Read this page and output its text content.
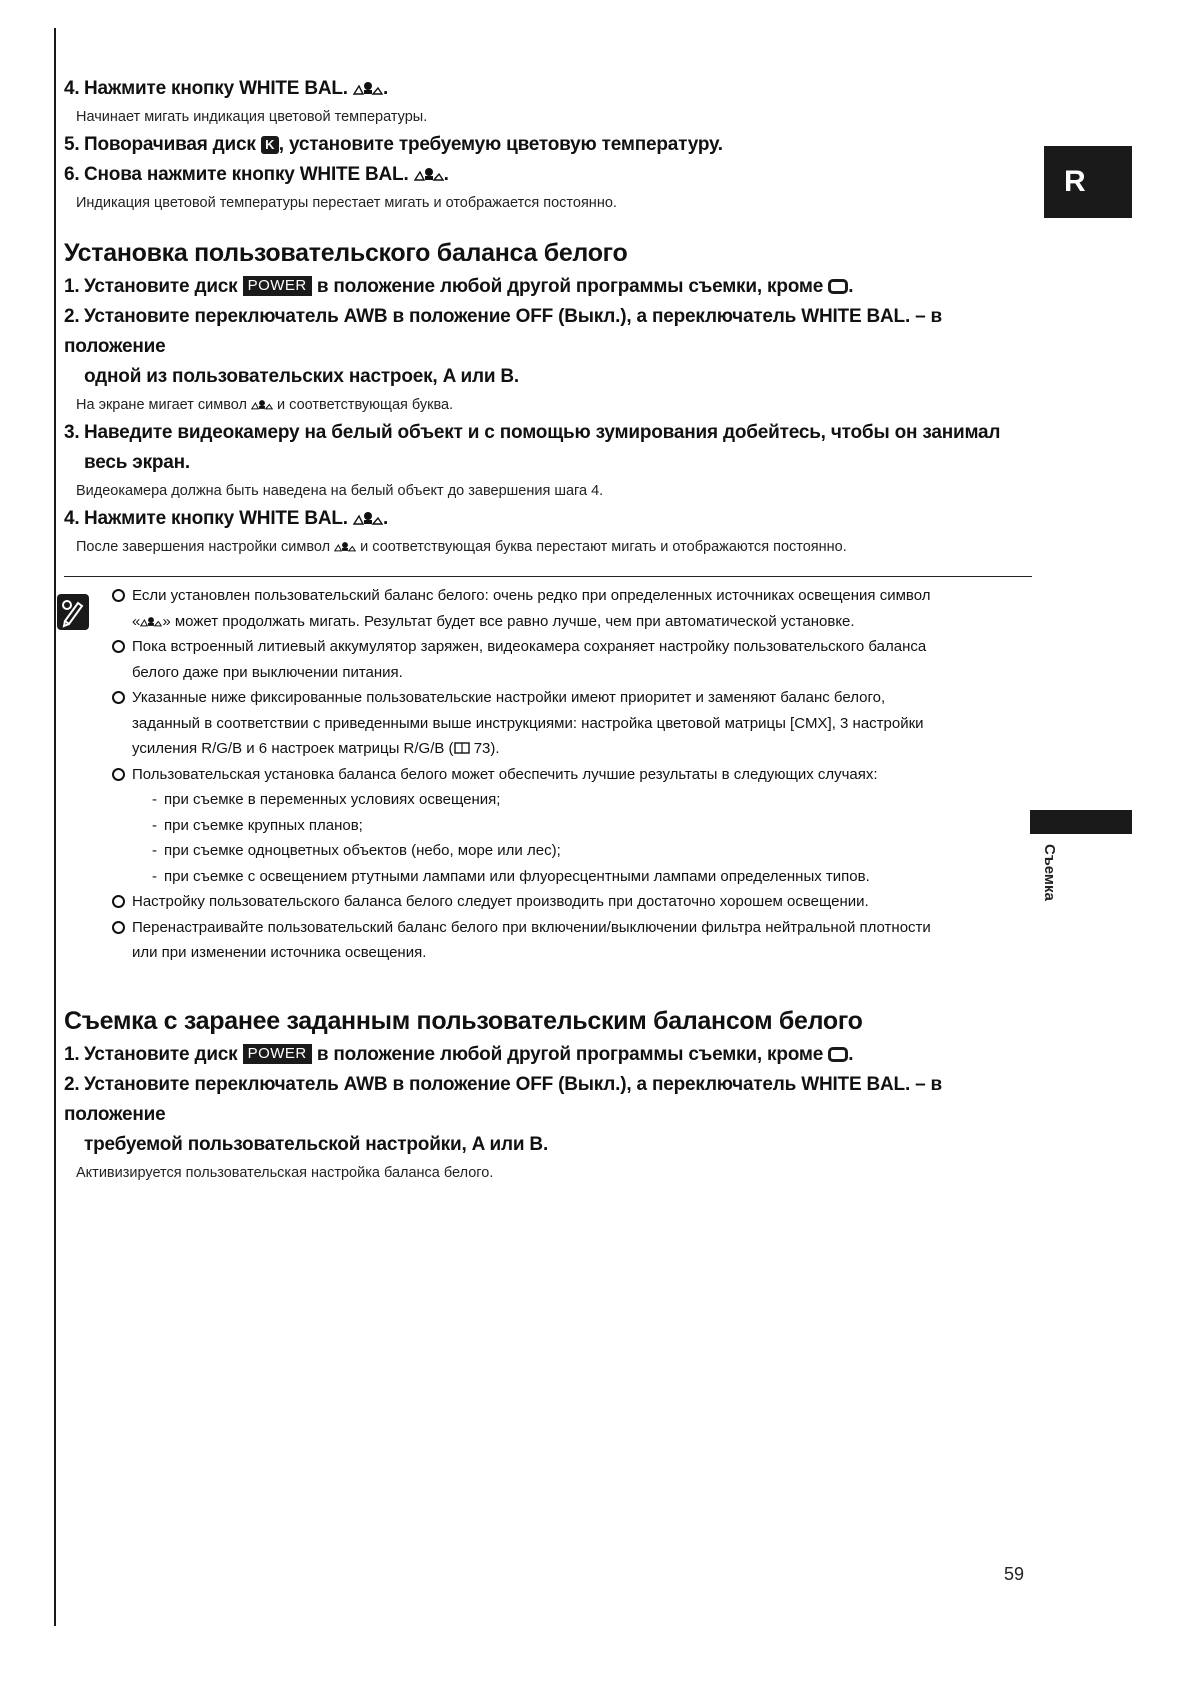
R
Съемка
4. Нажмите кнопку WHITE BAL. .
Начинает мигать индикация цветовой температуры.
5. Поворачивая диск K , установите требуемую цветовую температуру.
6. Снова нажмите кнопку WHITE BAL. .
Индикация цветовой температуры перестает мигать и отображается постоянно.
Установка пользовательского баланса белого
1. Установите диск POWER в положение любой другой программы съемки, кроме .
2. Установите переключатель AWB в положение OFF (Выкл.), а переключатель WHITE BAL. – в положение
одной из пользовательских настроек, A или B.
На экране мигает символ и соответствующая буква.
3. Наведите видеокамеру на белый объект и с помощью зумирования добейтесь, чтобы он занимал
весь экран.
Видеокамера должна быть наведена на белый объект до завершения шага 4.
4. Нажмите кнопку WHITE BAL. .
После завершения настройки символ и соответствующая буква перестают мигать и отображаются постоянно.
Если установлен пользовательский баланс белого: очень редко при определенных источниках освещения символ
« » может продолжать мигать. Результат будет все равно лучше, чем при автоматической установке.
Пока встроенный литиевый аккумулятор заряжен, видеокамера сохраняет настройку пользовательского баланса
белого даже при выключении питания.
Указанные ниже фиксированные пользовательские настройки имеют приоритет и заменяют баланс белого,
заданный в соответствии с приведенными выше инструкциями: настройка цветовой матрицы [CMX], 3 настройки
усиления R/G/B и 6 настроек матрицы R/G/B ( 73).
Пользовательская установка баланса белого может обеспечить лучшие результаты в следующих случаях:
- при съемке в переменных условиях освещения;
- при съемке крупных планов;
- при съемке одноцветных объектов (небо, море или лес);
- при съемке с освещением ртутными лампами или флуоресцентными лампами определенных типов.
Настройку пользовательского баланса белого следует производить при достаточно хорошем освещении.
Перенастраивайте пользовательский баланс белого при включении/выключении фильтра нейтральной плотности
или при изменении источника освещения.
Съемка с заранее заданным пользовательским балансом белого
1. Установите диск POWER в положение любой другой программы съемки, кроме .
2. Установите переключатель AWB в положение OFF (Выкл.), а переключатель WHITE BAL. – в положение
требуемой пользовательской настройки, A или B.
Активизируется пользовательская настройка баланса белого.
59
